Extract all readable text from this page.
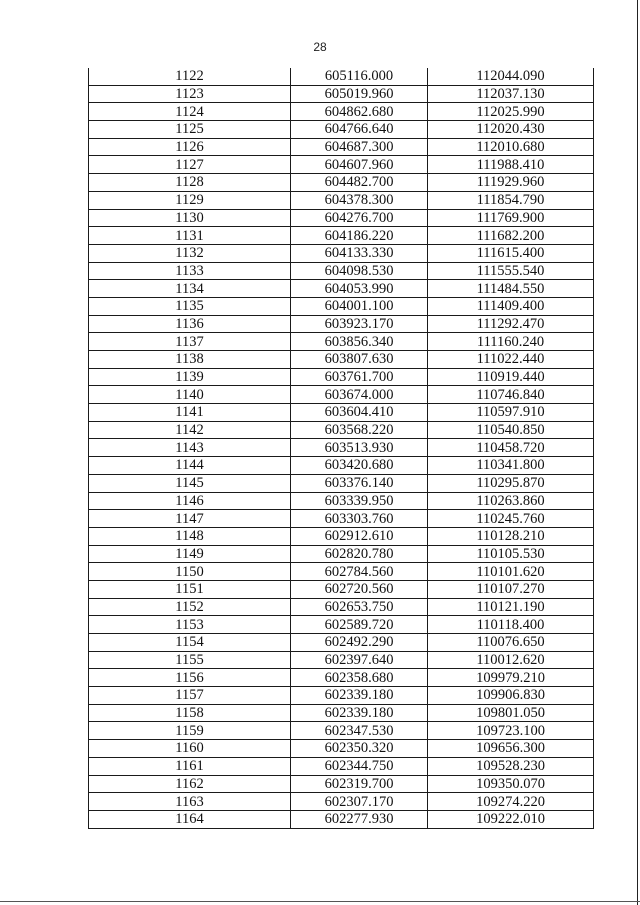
28
1122	605116.000	112044.090
1123	605019.960	112037.130
1124	604862.680	112025.990
1125	604766.640	112020.430
1126	604687.300	112010.680
1127	604607.960	111988.410
1128	604482.700	111929.960
1129	604378.300	111854.790
1130	604276.700	111769.900
1131	604186.220	111682.200
1132	604133.330	111615.400
1133	604098.530	111555.540
1134	604053.990	111484.550
1135	604001.100	111409.400
1136	603923.170	111292.470
1137	603856.340	111160.240
1138	603807.630	111022.440
1139	603761.700	110919.440
1140	603674.000	110746.840
1141	603604.410	110597.910
1142	603568.220	110540.850
1143	603513.930	110458.720
1144	603420.680	110341.800
1145	603376.140	110295.870
1146	603339.950	110263.860
1147	603303.760	110245.760
1148	602912.610	110128.210
1149	602820.780	110105.530
1150	602784.560	110101.620
1151	602720.560	110107.270
1152	602653.750	110121.190
1153	602589.720	110118.400
1154	602492.290	110076.650
1155	602397.640	110012.620
1156	602358.680	109979.210
1157	602339.180	109906.830
1158	602339.180	109801.050
1159	602347.530	109723.100
1160	602350.320	109656.300
1161	602344.750	109528.230
1162	602319.700	109350.070
1163	602307.170	109274.220
1164	602277.930	109222.010
